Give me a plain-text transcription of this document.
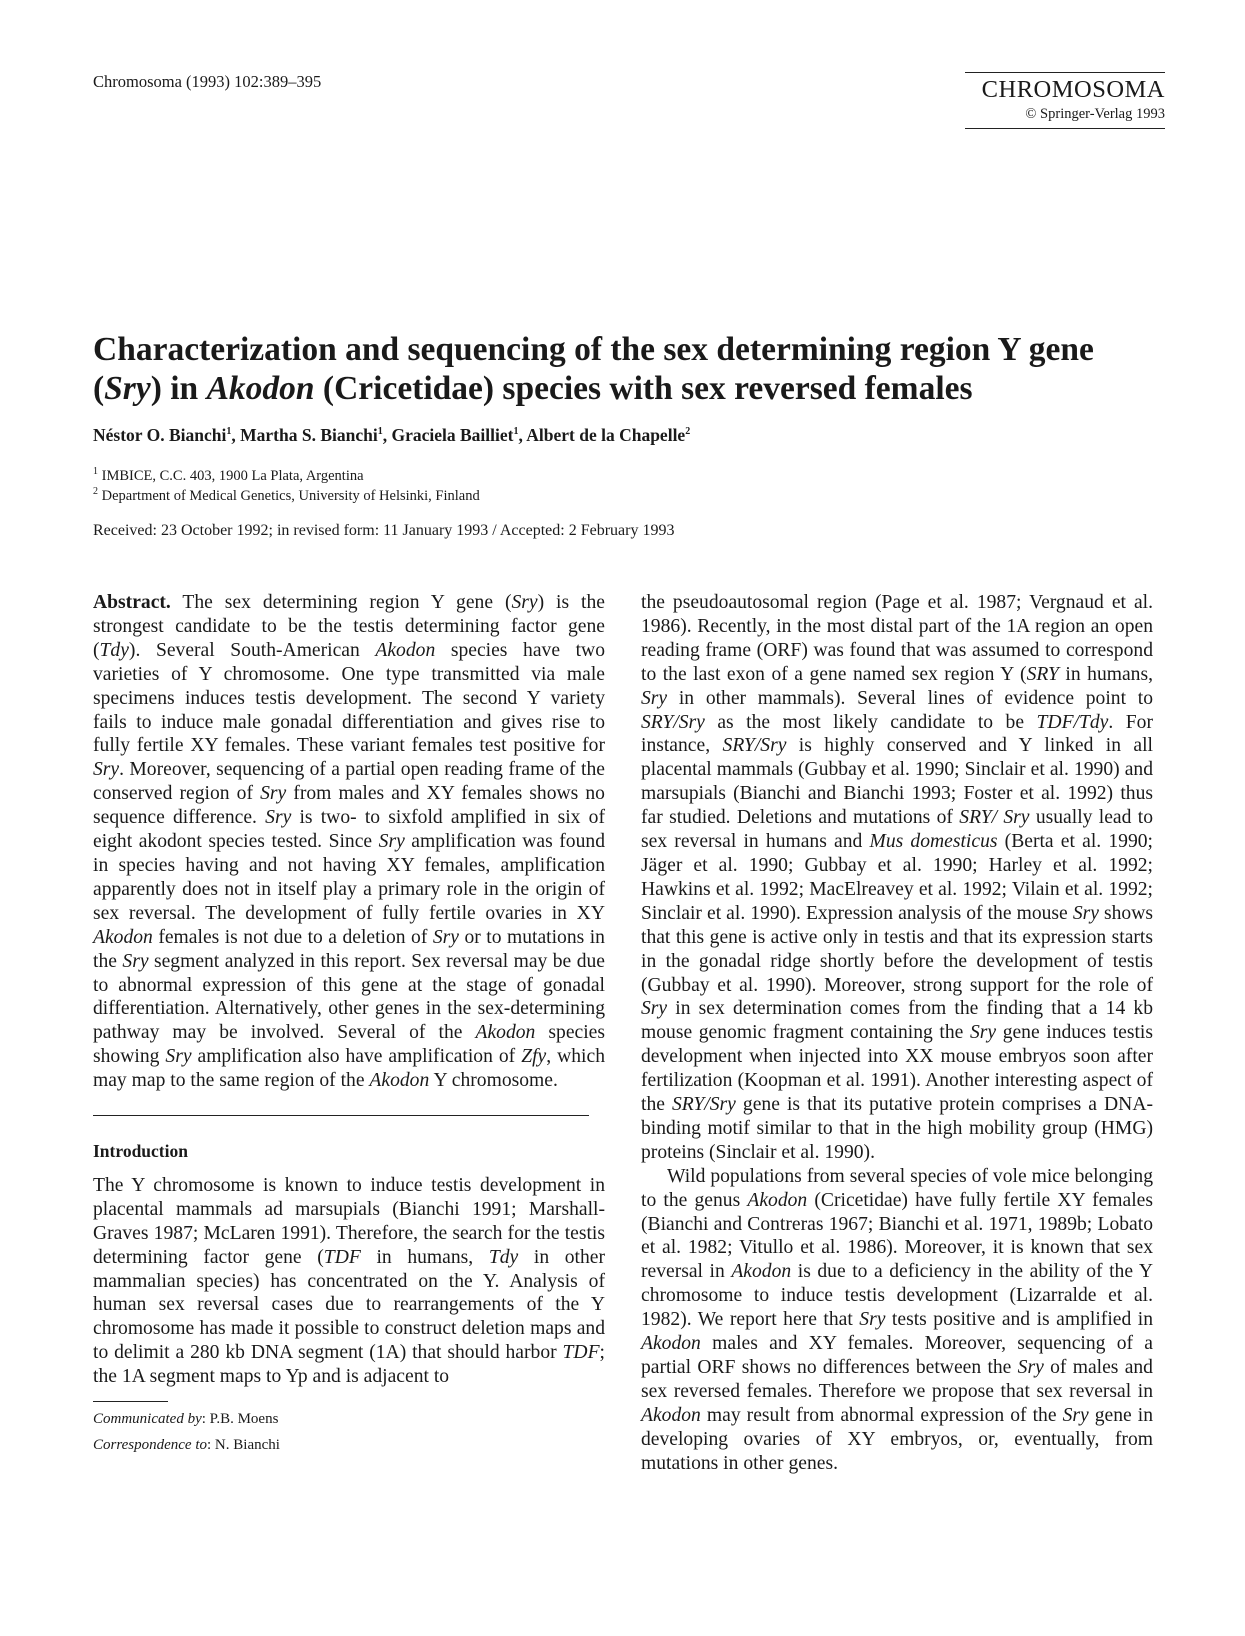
Chromosoma (1993) 102:389–395	CHROMOSOMA
© Springer-Verlag 1993
Characterization and sequencing of the sex determining region Y gene
(Sry) in Akodon (Cricetidae) species with sex reversed females
Néstor O. Bianchi$^1$, Martha S. Bianchi$^1$, Graciela Bailliet$^1$, Albert de la Chapelle$^2$
$^1$ IMBICE, C.C. 403, 1900 La Plata, Argentina
$^2$ Department of Medical Genetics, University of Helsinki, Finland
Received: 23 October 1992; in revised form: 11 January 1993 / Accepted: 2 February 1993

Abstract. The sex determining region Y gene (Sry) is the strongest candidate to be the testis determining factor gene (Tdy). Several South-American Akodon species have two varieties of Y chromosome. One type transmitted via male specimens induces testis development. The second Y variety fails to induce male gonadal differentiation and gives rise to fully fertile XY females. These variant females test positive for Sry. Moreover, sequencing of a partial open reading frame of the conserved region of Sry from males and XY females shows no sequence difference. Sry is two- to sixfold amplified in six of eight akodont species tested. Since Sry amplification was found in species having and not having XY females, amplification apparently does not in itself play a primary role in the origin of sex reversal. The development of fully fertile ovaries in XY Akodon females is not due to a deletion of Sry or to mutations in the Sry segment analyzed in this report. Sex reversal may be due to abnormal expression of this gene at the stage of gonadal differentiation. Alternatively, other genes in the sex-determining pathway may be involved. Several of the Akodon species showing Sry amplification also have amplification of Zfy, which may map to the same region of the Akodon Y chromosome.

Introduction

The Y chromosome is known to induce testis development in placental mammals ad marsupials (Bianchi 1991; Marshall-Graves 1987; McLaren 1991). Therefore, the search for the testis determining factor gene (TDF in humans, Tdy in other mammalian species) has concentrated on the Y. Analysis of human sex reversal cases due to rearrangements of the Y chromosome has made it possible to construct deletion maps and to delimit a 280 kb DNA segment (1A) that should harbor TDF; the 1A segment maps to Yp and is adjacent to

Communicated by: P.B. Moens
Correspondence to: N. Bianchi

the pseudoautosomal region (Page et al. 1987; Vergnaud et al. 1986). Recently, in the most distal part of the 1A region an open reading frame (ORF) was found that was assumed to correspond to the last exon of a gene named sex region Y (SRY in humans, Sry in other mammals). Several lines of evidence point to SRY/Sry as the most likely candidate to be TDF/Tdy. For instance, SRY/Sry is highly conserved and Y linked in all placental mammals (Gubbay et al. 1990; Sinclair et al. 1990) and marsupials (Bianchi and Bianchi 1993; Foster et al. 1992) thus far studied. Deletions and mutations of SRY/ Sry usually lead to sex reversal in humans and Mus domesticus (Berta et al. 1990; Jäger et al. 1990; Gubbay et al. 1990; Harley et al. 1992; Hawkins et al. 1992; MacElreavey et al. 1992; Vilain et al. 1992; Sinclair et al. 1990). Expression analysis of the mouse Sry shows that this gene is active only in testis and that its expression starts in the gonadal ridge shortly before the development of testis (Gubbay et al. 1990). Moreover, strong support for the role of Sry in sex determination comes from the finding that a 14 kb mouse genomic fragment containing the Sry gene induces testis development when injected into XX mouse embryos soon after fertilization (Koopman et al. 1991). Another interesting aspect of the SRY/Sry gene is that its putative protein comprises a DNA-binding motif similar to that in the high mobility group (HMG) proteins (Sinclair et al. 1990).

Wild populations from several species of vole mice belonging to the genus Akodon (Cricetidae) have fully fertile XY females (Bianchi and Contreras 1967; Bianchi et al. 1971, 1989b; Lobato et al. 1982; Vitullo et al. 1986). Moreover, it is known that sex reversal in Akodon is due to a deficiency in the ability of the Y chromosome to induce testis development (Lizarralde et al. 1982). We report here that Sry tests positive and is amplified in Akodon males and XY females. Moreover, sequencing of a partial ORF shows no differences between the Sry of males and sex reversed females. Therefore we propose that sex reversal in Akodon may result from abnormal expression of the Sry gene in developing ovaries of XY embryos, or, eventually, from mutations in other genes.
